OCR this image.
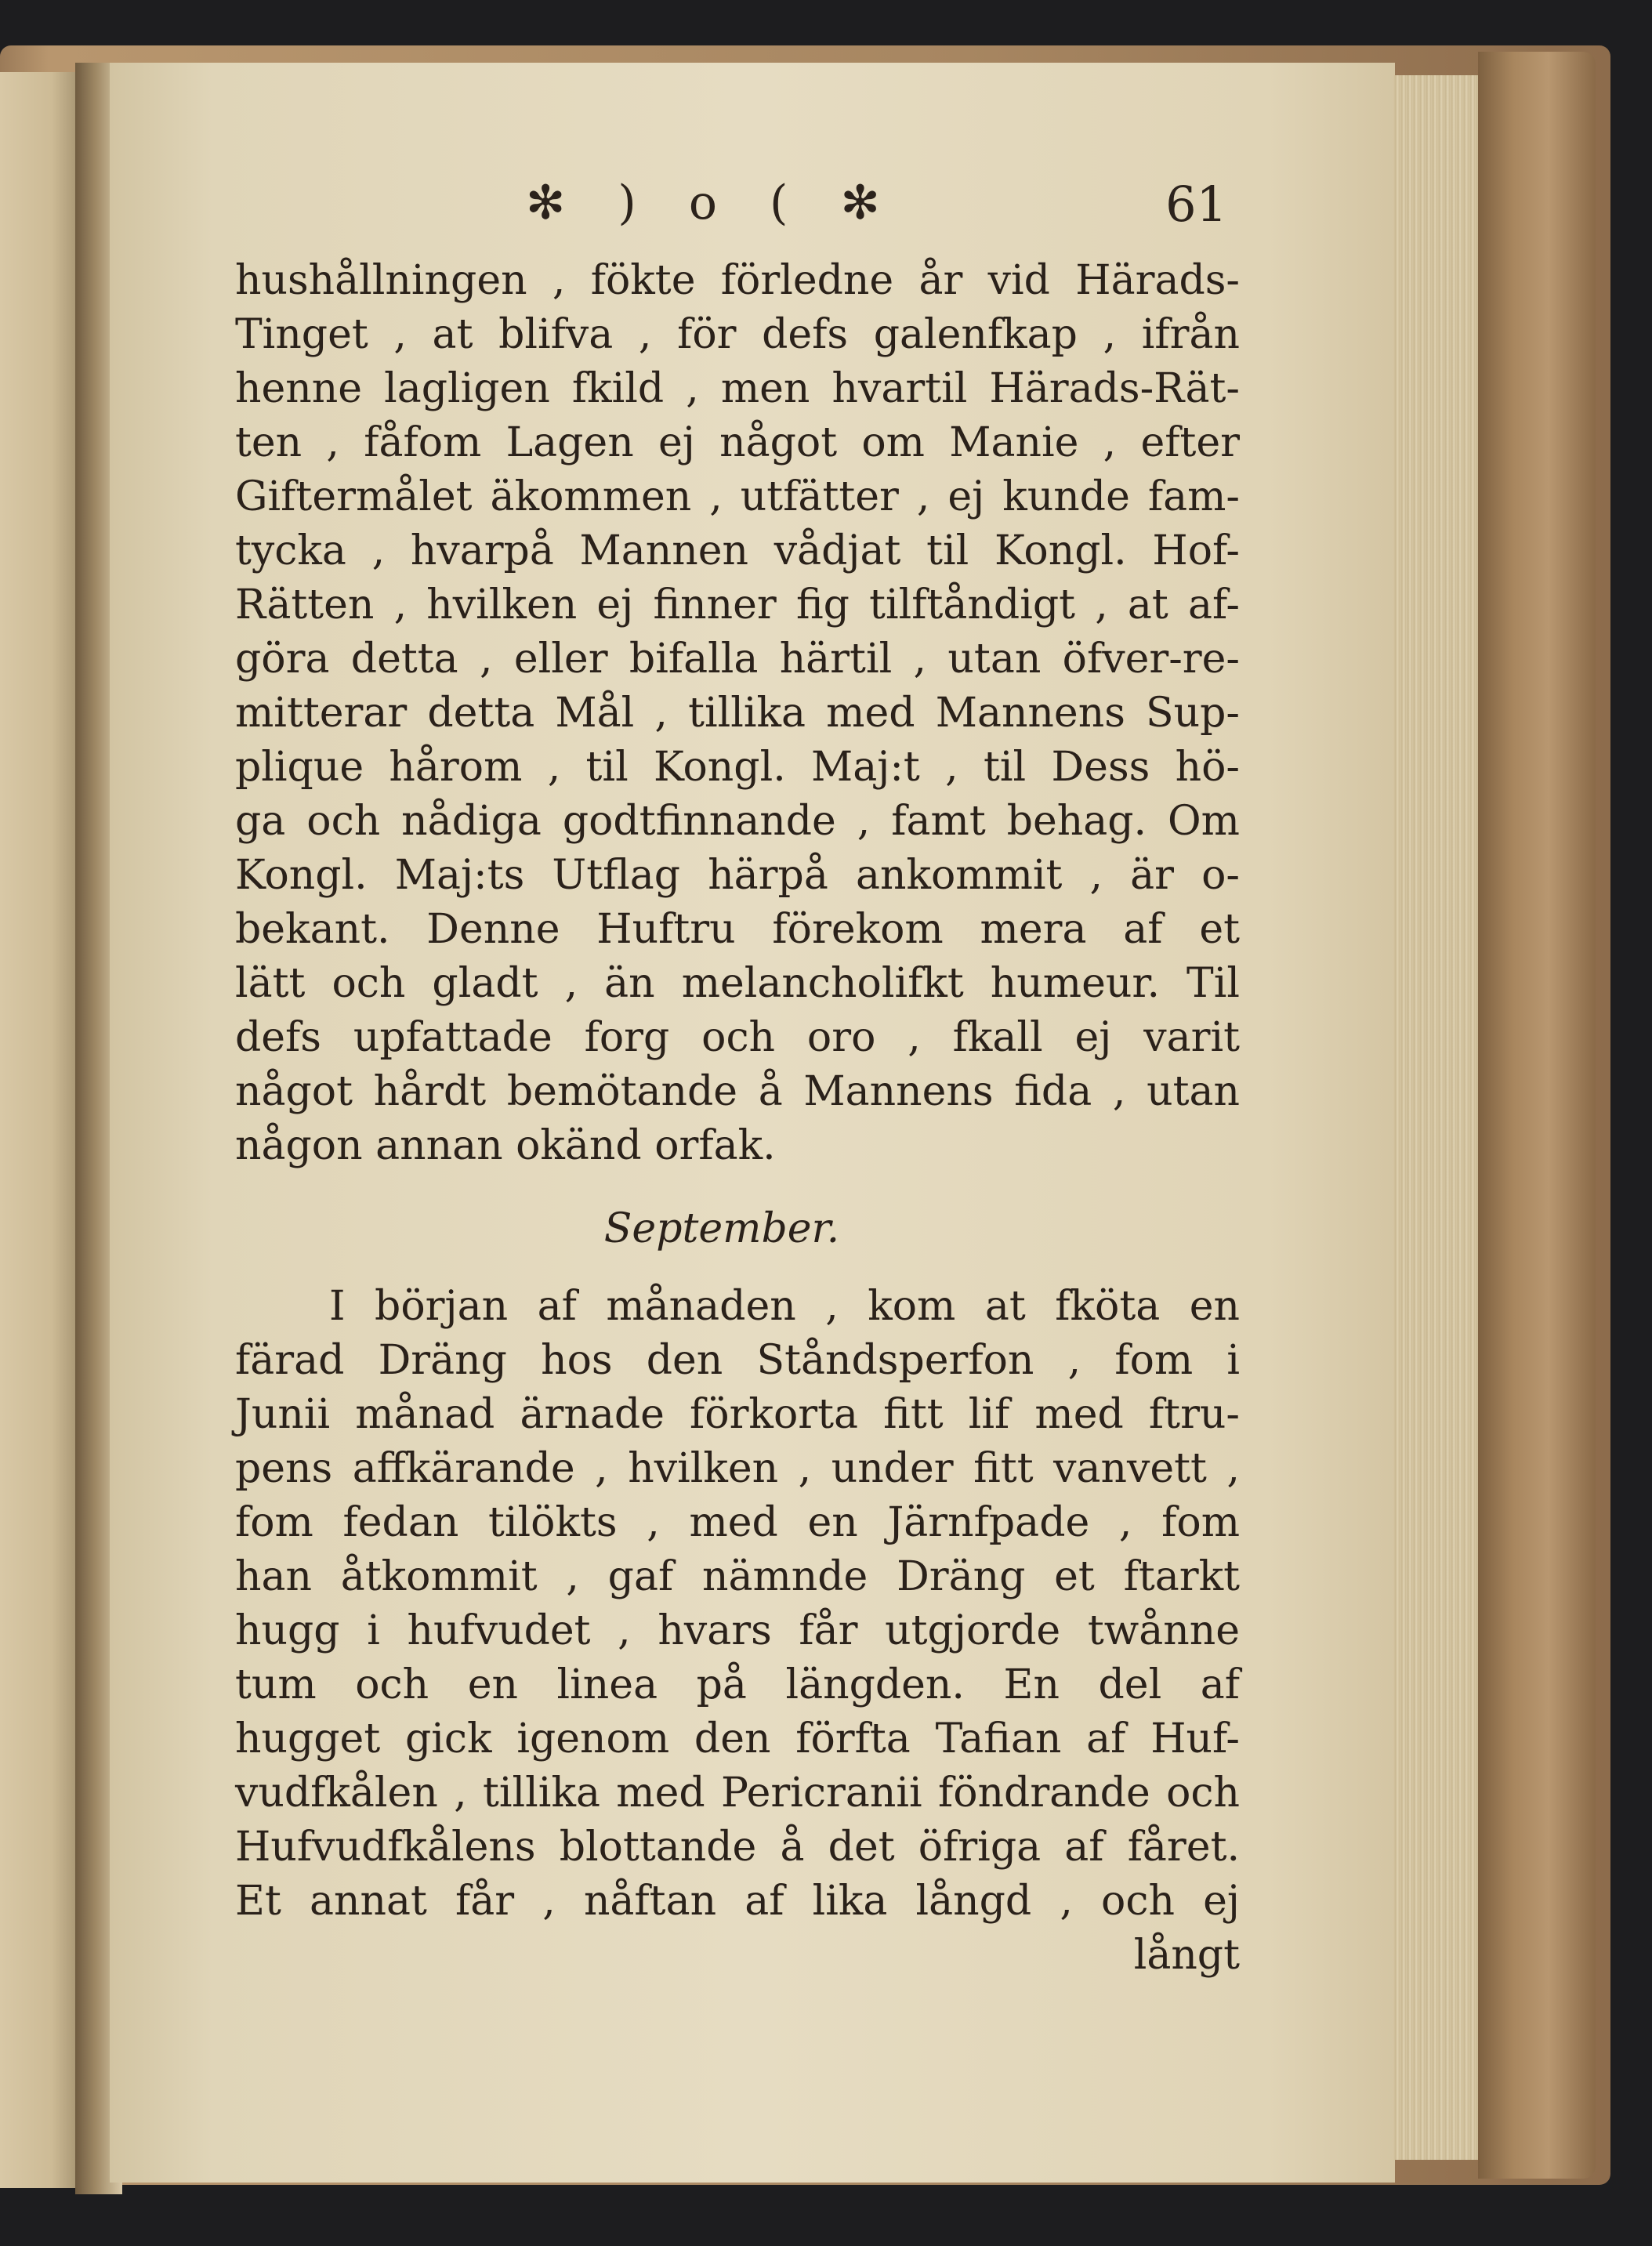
✻ ) o ( ✻	61
hushållningen , fökte förledne år vid Härads-
Tinget , at blifva , för defs galenfkap , ifrån
henne lagligen fkild , men hvartil Härads-Rät-
ten , fåfom Lagen ej något om Manie , efter
Giftermålet äkommen , utfätter , ej kunde fam-
tycka , hvarpå Mannen vådjat til Kongl. Hof-
Rätten , hvilken ej finner fig tilftåndigt , at af-
göra detta , eller bifalla härtil , utan öfver-re-
mitterar detta Mål , tillika med Mannens Sup-
plique hårom , til Kongl. Maj:t , til Dess hö-
ga och nådiga godtfinnande , famt behag. Om
Kongl. Maj:ts Utflag härpå ankommit , är o-
bekant. Denne Huftru förekom mera af et
lätt och gladt , än melancholifkt humeur. Til
defs upfattade forg och oro , fkall ej varit
något hårdt bemötande å Mannens fida , utan
någon annan okänd orfak.
September.
I början af månaden , kom at fköta en
färad Dräng hos den Ståndsperfon , fom i
Junii månad ärnade förkorta fitt lif med ftru-
pens affkärande , hvilken , under fitt vanvett ,
fom fedan tilökts , med en Järnfpade , fom
han åtkommit , gaf nämnde Dräng et ftarkt
hugg i hufvudet , hvars får utgjorde twånne
tum och en linea på längden. En del af
hugget gick igenom den förfta Tafian af Huf-
vudfkålen , tillika med Pericranii föndrande och
Hufvudfkålens blottande å det öfriga af fåret.
Et annat får , nåftan af lika långd , och ej
långt
